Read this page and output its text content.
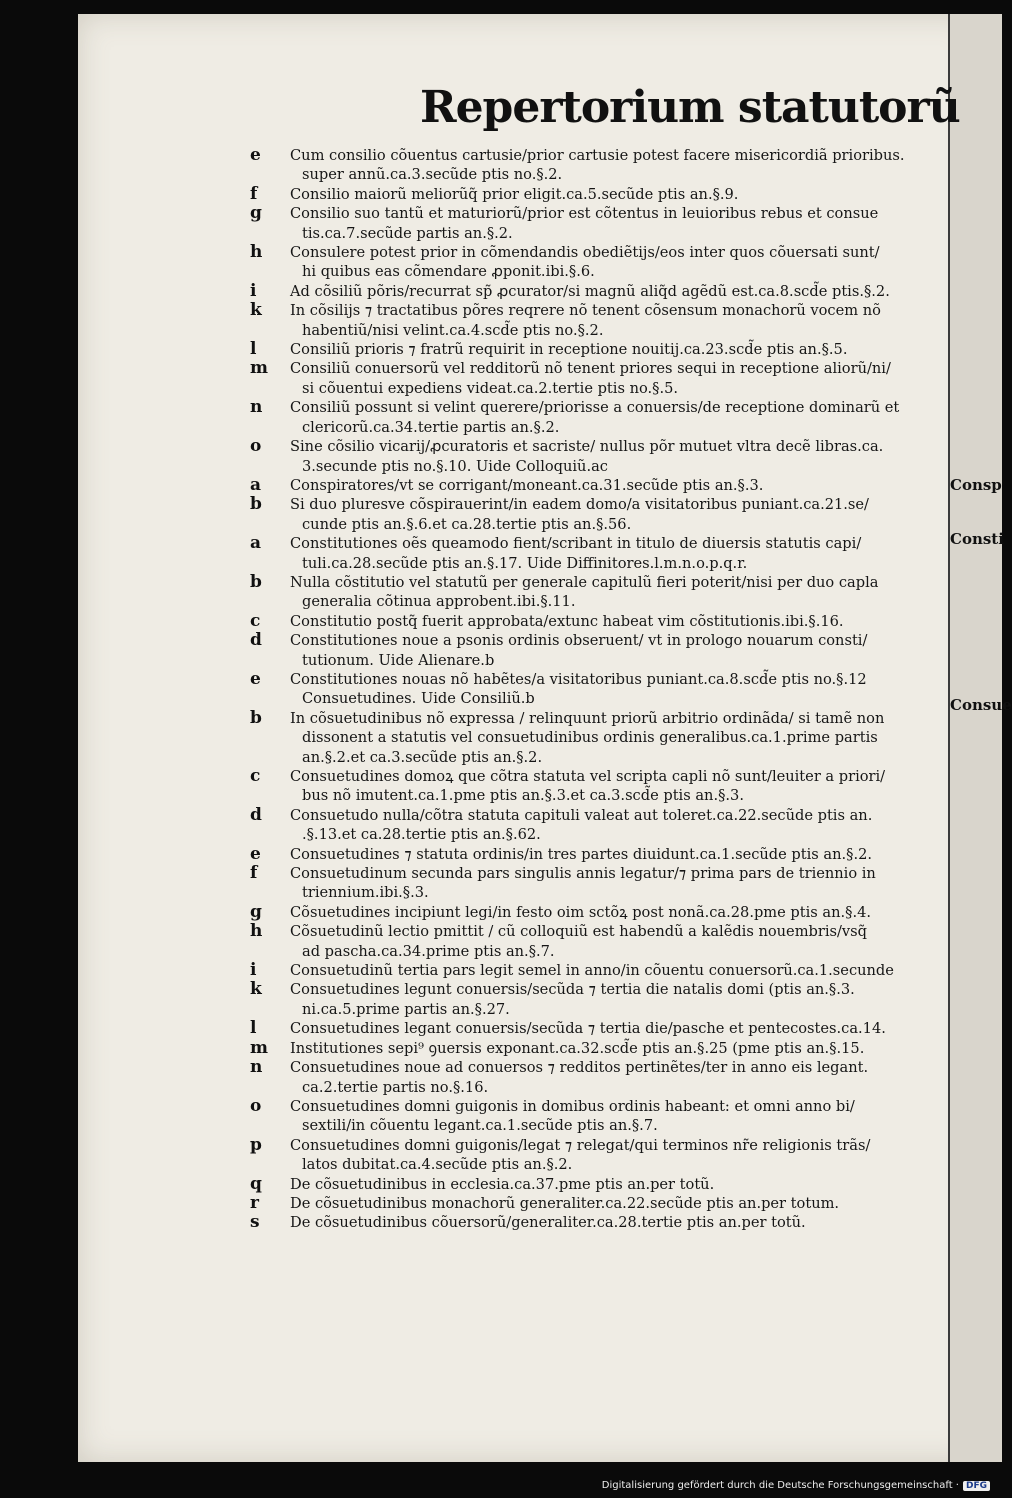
Repertorium statutorũ
e	Cum consilio cõuentus cartusie/prior cartusie potest facere misericordiã prioribus.
super annũ.ca.3.secũde ptis no.§.2.
f	Consilio maiorũ meliorũq̃ prior eligit.ca.5.secũde ptis an.§.9.
g	Consilio suo tantũ et maturiorũ/prior est cõtentus in leuioribus rebus et consue
tis.ca.7.secũde partis an.§.2.
h	Consulere potest prior in cõmendandis obediẽtijs/eos inter quos cõuersati sunt/
hi quibus eas cõmendare ꝓponit.ibi.§.6.
i	Ad cõsiliũ põris/recurrat sp̃ ꝓcurator/si magnũ aliq̃d agẽdũ est.ca.8.scd̃e ptis.§.2.
k	In cõsilijs ⁊ tractatibus põres reqrere nõ tenent cõsensum monachorũ vocem nõ
habentiũ/nisi velint.ca.4.scd̃e ptis no.§.2.
l	Consiliũ prioris ⁊ fratrũ requirit in receptione nouitij.ca.23.scd̃e ptis an.§.5.
m	Consiliũ conuersorũ vel redditorũ nõ tenent priores sequi in receptione aliorũ/ni/
si cõuentui expediens videat.ca.2.tertie ptis no.§.5.
n	Consiliũ possunt si velint querere/priorisse a conuersis/de receptione dominarũ et
clericorũ.ca.34.tertie partis an.§.2.
o	Sine cõsilio vicarij/ꝓcuratoris et sacriste/ nullus põr mutuet vltra decẽ libras.ca.
3.secunde ptis no.§.10. Uide Colloquiũ.ac
a	Conspiratores/vt se corrigant/moneant.ca.31.secũde ptis an.§.3.
b	Si duo pluresve cõspirauerint/in eadem domo/a visitatoribus puniant.ca.21.se/
cunde ptis an.§.6.et ca.28.tertie ptis an.§.56.
a	Constitutiones oẽs queamodo fient/scribant in titulo de diuersis statutis capi/
tuli.ca.28.secũde ptis an.§.17. Uide Diffinitores.l.m.n.o.p.q.r.
b	Nulla cõstitutio vel statutũ per generale capitulũ fieri poterit/nisi per duo capla
generalia cõtinua approbent.ibi.§.11.
c	Constitutio postq̃ fuerit approbata/extunc habeat vim cõstitutionis.ibi.§.16.
d	Constitutiones noue a psonis ordinis obseruent/ vt in prologo nouarum consti/
tutionum. Uide Alienare.b
e	Constitutiones nouas nõ habẽtes/a visitatoribus puniant.ca.8.scd̃e ptis no.§.12
Consuetudines. Uide Consiliũ.b
b	In cõsuetudinibus nõ expressa / relinquunt priorũ arbitrio ordinãda/ si tamẽ non
dissonent a statutis vel consuetudinibus ordinis generalibus.ca.1.prime partis
an.§.2.et ca.3.secũde ptis an.§.2.
c	Consuetudines domoꝝ que cõtra statuta vel scripta capli nõ sunt/leuiter a priori/
bus nõ imutent.ca.1.pme ptis an.§.3.et ca.3.scd̃e ptis an.§.3.
d	Consuetudo nulla/cõtra statuta capituli valeat aut toleret.ca.22.secũde ptis an.
.§.13.et ca.28.tertie ptis an.§.62.
e	Consuetudines ⁊ statuta ordinis/in tres partes diuidunt.ca.1.secũde ptis an.§.2.
f	Consuetudinum secunda pars singulis annis legatur/⁊ prima pars de triennio in
triennium.ibi.§.3.
g	Cõsuetudines incipiunt legi/in festo oim sctõꝝ post nonã.ca.28.pme ptis an.§.4.
h	Cõsuetudinũ lectio pmittit / cũ colloquiũ est habendũ a kalẽdis nouembris/vsq̃
ad pascha.ca.34.prime ptis an.§.7.
i	Consuetudinũ tertia pars legit semel in anno/in cõuentu conuersorũ.ca.1.secunde
k	Consuetudines legunt conuersis/secũda ⁊ tertia die natalis domi (ptis an.§.3.
ni.ca.5.prime partis an.§.27.
l	Consuetudines legant conuersis/secũda ⁊ tertia die/pasche et pentecostes.ca.14.
m	Institutiones sepi⁹ ꝯuersis exponant.ca.32.scd̃e ptis an.§.25 (pme ptis an.§.15.
n	Consuetudines noue ad conuersos ⁊ redditos pertinẽtes/ter in anno eis legant.
ca.2.tertie partis no.§.16.
o	Consuetudines domni guigonis in domibus ordinis habeant: et omni anno bi/
sextili/in cõuentu legant.ca.1.secũde ptis an.§.7.
p	Consuetudines domni guigonis/legat ⁊ relegat/qui terminos nr̃e religionis trãs/
latos dubitat.ca.4.secũde ptis an.§.2.
q	De cõsuetudinibus in ecclesia.ca.37.pme ptis an.per totũ.
r	De cõsuetudinibus monachorũ generaliter.ca.22.secũde ptis an.per totum.
s	De cõsuetudinibus cõuersorũ/generaliter.ca.28.tertie ptis an.per totũ.
Consp
Consti
Consue
Digitalisierung gefördert durch die Deutsche Forschungsgemeinschaft · DFG
